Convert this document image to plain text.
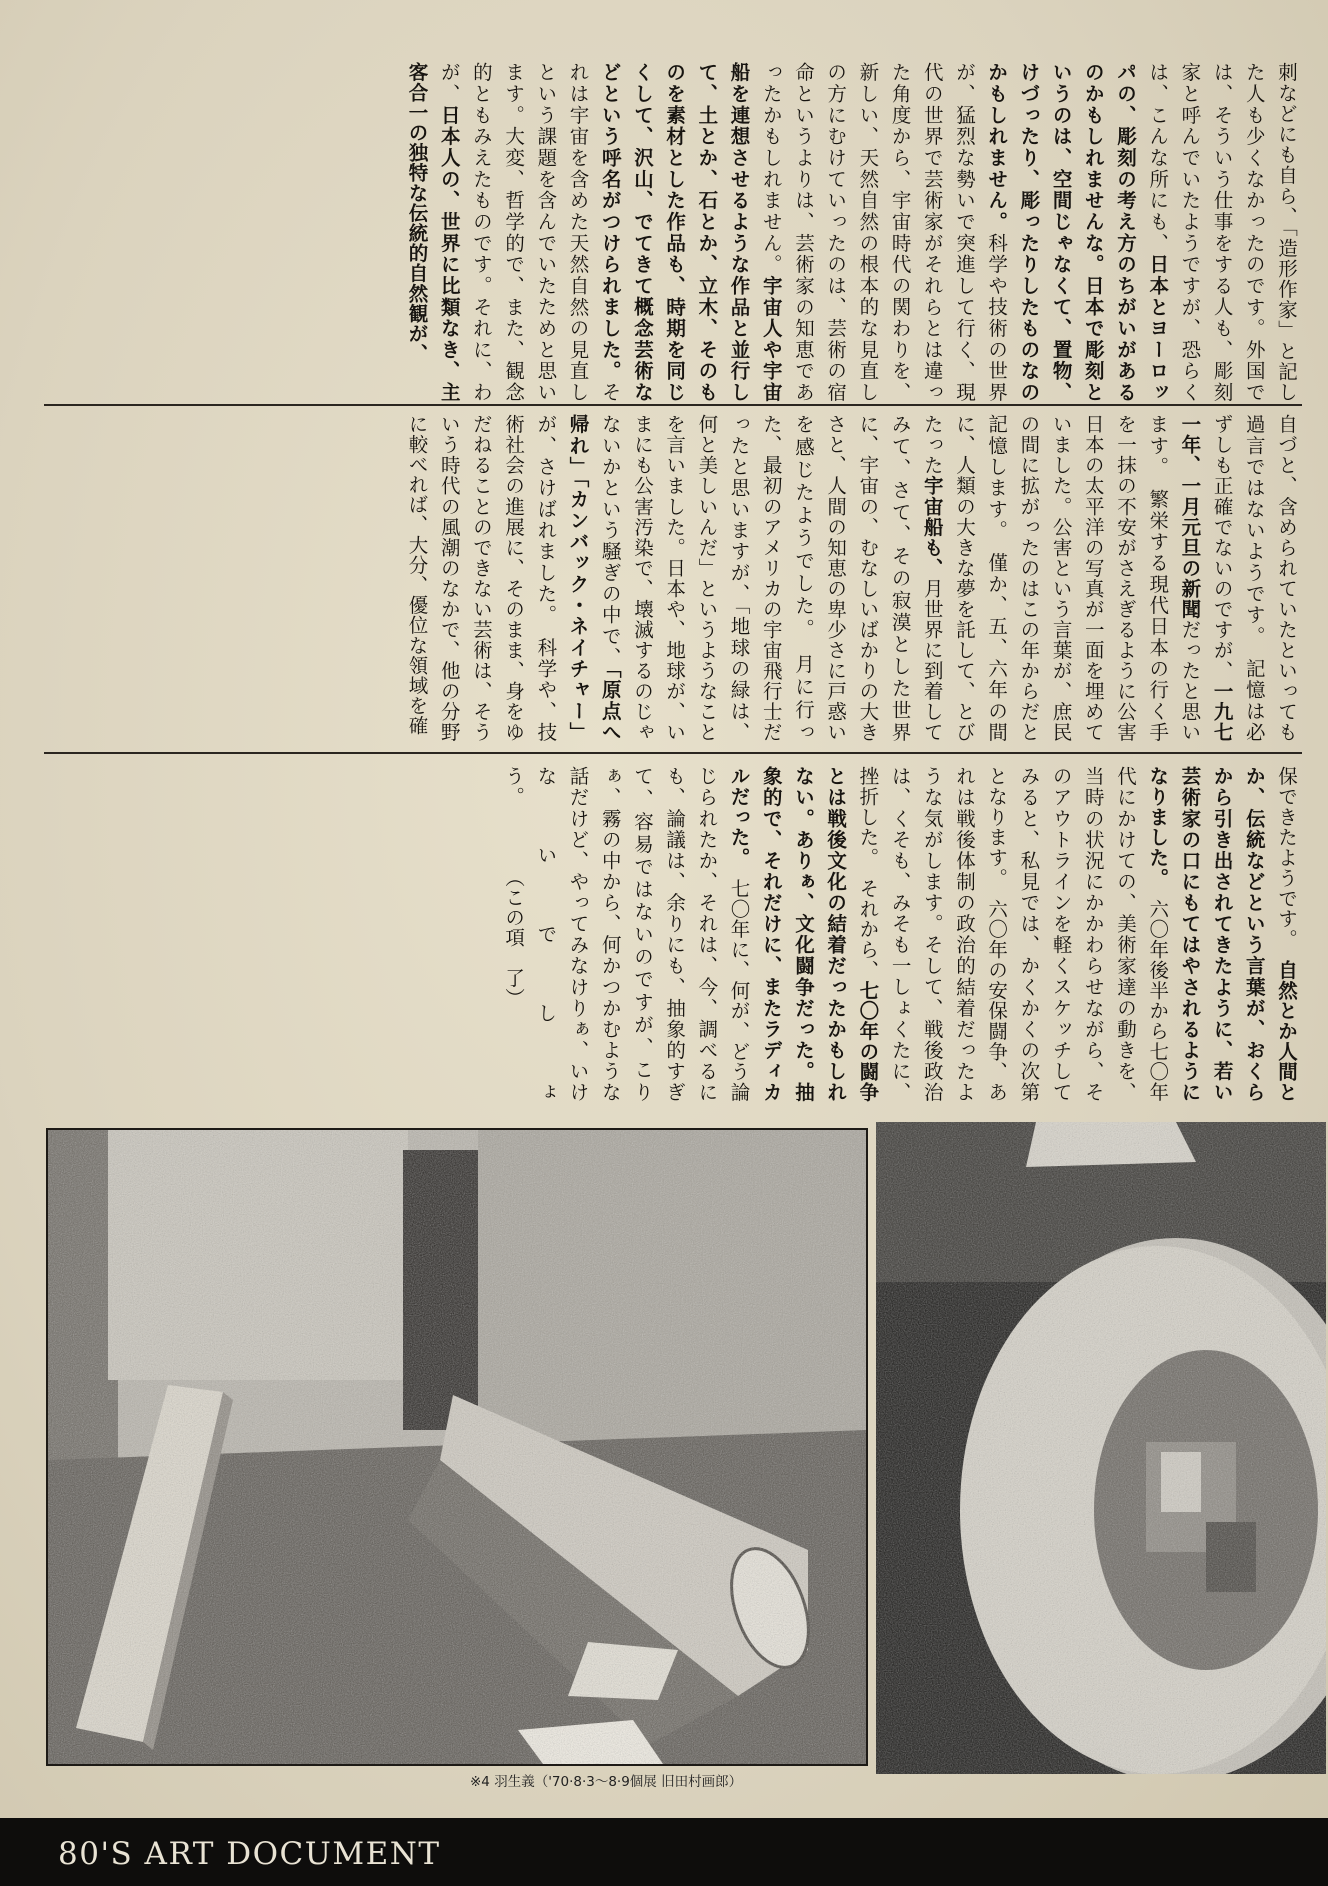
刺などにも自ら、「造形作家」と記した人も少くなかったのです。外国では、そういう仕事をする人も、彫刻家と呼んでいたようですが、恐らくは、こんな所にも、日本とヨーロッパの、彫刻の考え方のちがいがあるのかもしれませんな。日本で彫刻というのは、空間じゃなくて、置物、けづったり、彫ったりしたものなのかもしれません。科学や技術の世界が、猛烈な勢いで突進して行く、現代の世界で芸術家がそれらとは違った角度から、宇宙時代の関わりを、新しい、天然自然の根本的な見直しの方にむけていったのは、芸術の宿命というよりは、芸術家の知恵であったかもしれません。宇宙人や宇宙船を連想させるような作品と並行して、土とか、石とか、立木、そのものを素材とした作品も、時期を同じくして、沢山、でてきて概念芸術などという呼名がつけられました。それは宇宙を含めた天然自然の見直しという課題を含んでいたためと思います。大変、哲学的で、また、観念的ともみえたものです。それに、わが、日本人の、世界に比類なき、主客合一の独特な伝統的自然観が、
自づと、含められていたといっても過言ではないようです。　記憶は必ずしも正確でないのですが、一九七一年、一月元旦の新聞だったと思います。　繁栄する現代日本の行く手を一抹の不安がさえぎるように公害日本の太平洋の写真が一面を埋めていました。公害という言葉が、庶民の間に拡がったのはこの年からだと記憶します。　僅か、五、六年の間に、人類の大きな夢を託して、とびたった宇宙船も、月世界に到着してみて、さて、その寂漠とした世界に、宇宙の、むなしいばかりの大きさと、人間の知恵の卑少さに戸惑いを感じたようでした。　月に行った、最初のアメリカの宇宙飛行士だったと思いますが、「地球の緑は、何と美しいんだ」というようなことを言いました。日本や、地球が、いまにも公害汚染で、壊滅するのじゃないかという騒ぎの中で、「原点へ帰れ」「カンバック・ネイチャー」が、さけばれました。　科学や、技術社会の進展に、そのまま、身をゆだねることのできない芸術は、そういう時代の風潮のなかで、他の分野に較べれば、大分、優位な領域を確
保できたようです。　自然とか人間とか、伝統などという言葉が、おくらから引き出されてきたように、若い芸術家の口にもてはやされるようになりました。　六〇年後半から七〇年代にかけての、美術家達の動きを、当時の状況にかかわらせながら、そのアウトラインを軽くスケッチしてみると、私見では、かくかくの次第となります。　六〇年の安保闘争、あれは戦後体制の政治的結着だったような気がします。そして、戦後政治は、くそも、みそも一しょくたに、挫折した。　それから、七〇年の闘争とは戦後文化の結着だったかもしれない。ありぁ、文化闘争だった。抽象的で、それだけに、またラディカルだった。　七〇年に、何が、どう論じられたか、それは、今、調べるにも、論議は、余りにも、抽象的すぎて、容易ではないのですが、こりぁ、霧の中から、何かつかむような話だけど、やってみなけりぁ、いけないでしょう。　　　　（この項　了）
※4 羽生義（'70·8·3〜8·9個展 旧田村画郎）
80'S ART DOCUMENT
